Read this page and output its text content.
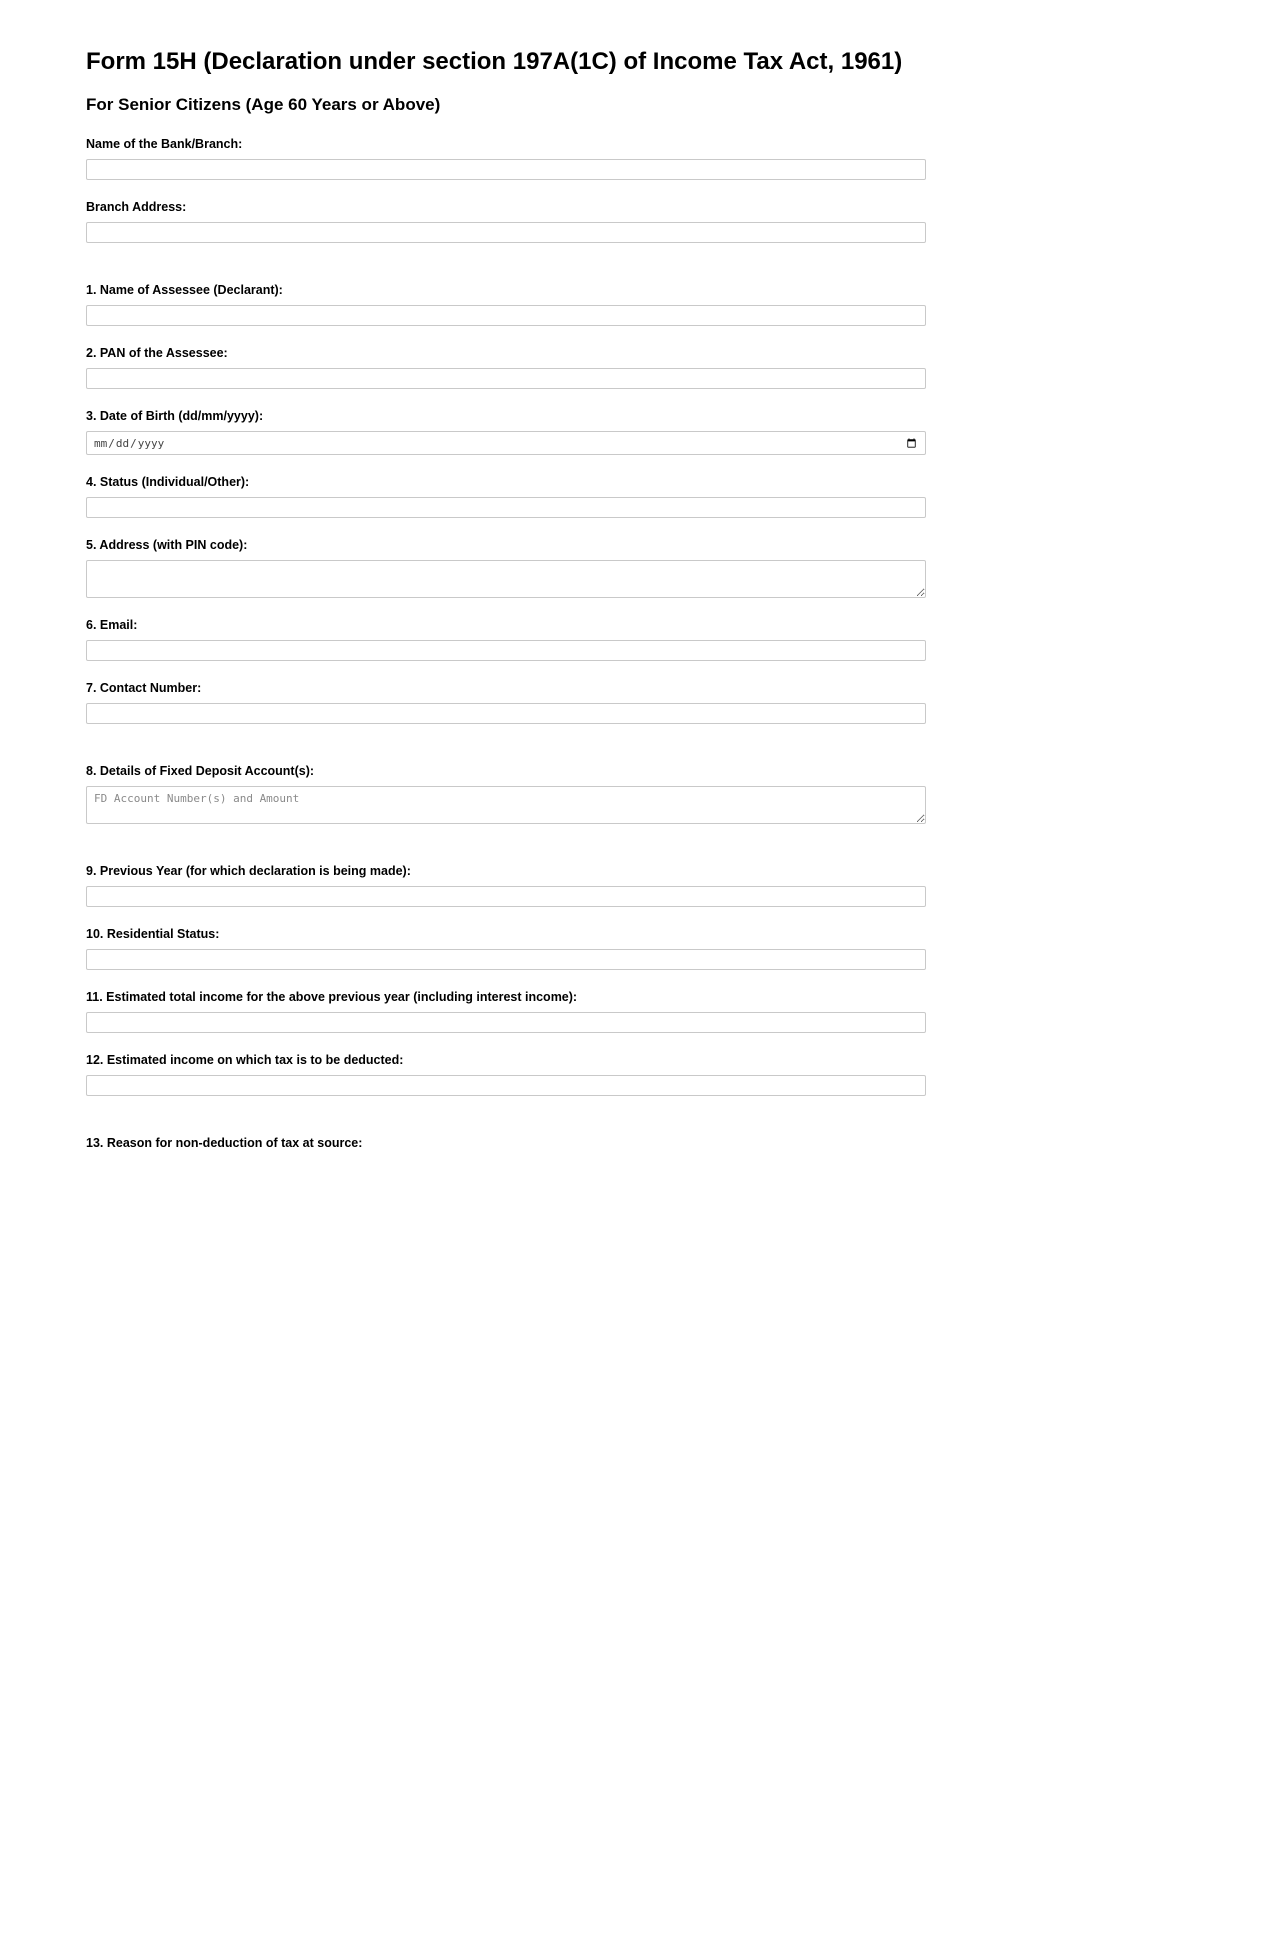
Form 15H (Declaration under section 197A(1C) of Income Tax Act, 1961)
For Senior Citizens (Age 60 Years or Above)
Name of the Bank/Branch:
Branch Address:
1. Name of Assessee (Declarant):
2. PAN of the Assessee:
3. Date of Birth (dd/mm/yyyy):
4. Status (Individual/Other):
5. Address (with PIN code):
6. Email:
7. Contact Number:
8. Details of Fixed Deposit Account(s):
FD Account Number(s) and Amount
9. Previous Year (for which declaration is being made):
10. Residential Status:
11. Estimated total income for the above previous year (including interest income):
12. Estimated income on which tax is to be deducted:
13. Reason for non-deduction of tax at source:
